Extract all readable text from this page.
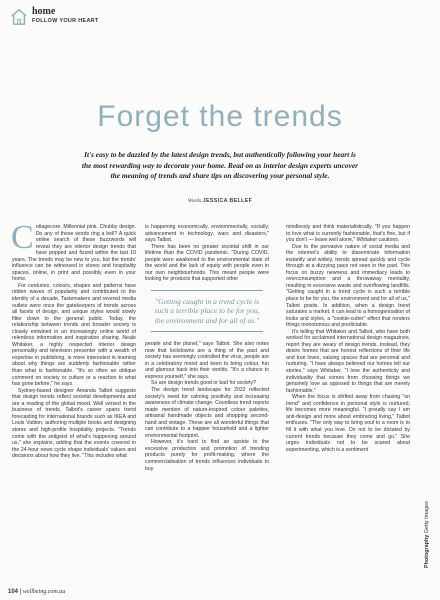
home
FOLLOW YOUR HEART
Forget the trends

It's easy to be dazzled by the latest design trends, but authentically following your heart is the most rewarding way to decorate your home. Read on as interior design experts uncover the meaning of trends and share tips on discovering your personal style.

Words JESSICA BELLEF

Cottagecore. Millennial pink. Chubby design. Do any of these words ring a bell? A quick online search of these buzzwords will reveal they are interior design trends that have popped and fizzed within the last 10 years. The trends may be new to you, but the trends' influence can be witnessed in stores and hospitality spaces, online, in print and possibly even in your home.

For centuries, colours, shapes and patterns have ridden waves of popularity and contributed to the identity of a decade. Tastemakers and revered media outlets were once the gatekeepers of trends across all facets of design, and unique styles would slowly filter down to the general public. Today, the relationship between trends and broader society is closely entwined in an increasingly online world of relentless information and inspiration sharing. Neale Whitaker, a highly respected interior design personality and television presenter with a wealth of expertise in publishing, is more interested in learning about why things are suddenly fashionable rather than what is fashionable. "It's so often an oblique comment on society or culture or a reaction to what has gone before," he says.

Sydney-based designer Amanda Talbot suggests that design trends reflect societal developments and are a reading of the global mood. Well versed in the business of trends, Talbot's career spans trend forecasting for international brands such as IKEA and Louis Vuitton, authoring multiple books and designing stores and high-profile hospitality projects. "Trends come with the zeitgeist of what's happening around us," she explains, adding that the events covered in the 24-hour news cycle shape individuals' values and decisions about how they live. "This includes what

is happening economically, environmentally, socially, advancement in technology, wars and disasters," says Talbot.

There has been no greater societal shift in our lifetime than the COVID pandemic. "During COVID, people were awakened to the environmental state of the world and the lack of equity with people even in our own neighbourhoods. This meant people were looking for products that supported other

"Getting caught in a trend cycle is such a terrible place to be for you, the environment and for all of us."

people and the planet," says Talbot. She also notes now that lockdowns are a thing of the past and society has seemingly controlled the virus, people are in a celebratory mood and keen to bring colour, fun and glamour back into their worlds. "It's a chance to express yourself," she says.

So are design trends good or bad for society?

The design trend landscape for 2022 reflected society's need for calming positivity and increasing awareness of climate change. Countless trend reports made mention of nature-inspired colour palettes, artisanal handmade objects and shopping second-hand and vintage. These are all wonderful things that can contribute to a happier household and a lighter environmental footprint.

However, it's hard to find an upside to the excessive production and promotion of trending products purely for profit-making, where the commercialisation of trends influences individuals to buy

mindlessly and think materialistically. "If you happen to love what is currently fashionable, that's fine, but if you don't — leave well alone," Whitaker cautions.

Due to the pervasive nature of social media and the internet's ability to disseminate information instantly and widely, trends spread quickly and cycle through at a dizzying pace not seen in the past. This focus on buzzy newness and immediacy leads to overconsumption and a throwaway mentality, resulting in excessive waste and overflowing landfills. "Getting caught in a trend cycle is such a terrible place to be for you, the environment and for all of us," Talbot posits. In addition, when a design trend saturates a market, it can lead to a homogenisation of looks and styles, a "cookie-cutter" effect that renders things monotonous and predictable.

It's telling that Whitaker and Talbot, who have both worked for acclaimed international design magazines, report they are weary of design trends. Instead, they desire homes that are honest reflections of their life and true loves, valuing spaces that are personal and nurturing. "I have always believed our homes tell our stories," says Whitaker. "I love the authenticity and individuality that comes from choosing things we genuinely love as opposed to things that are merely fashionable."

When the focus is shifted away from chasing "on trend" and confidence in personal style is nurtured, life becomes more meaningful. "I proudly say I am anti-design and more about embracing living," Talbot enthuses. "The only way to bring soul to a room is to fill it with what you love. Do not to be dictated by current trends because they come and go." She urges individuals not to be scared about experimenting, which is a sentiment

Photography Getty Images
104 | wellbeing.com.au
